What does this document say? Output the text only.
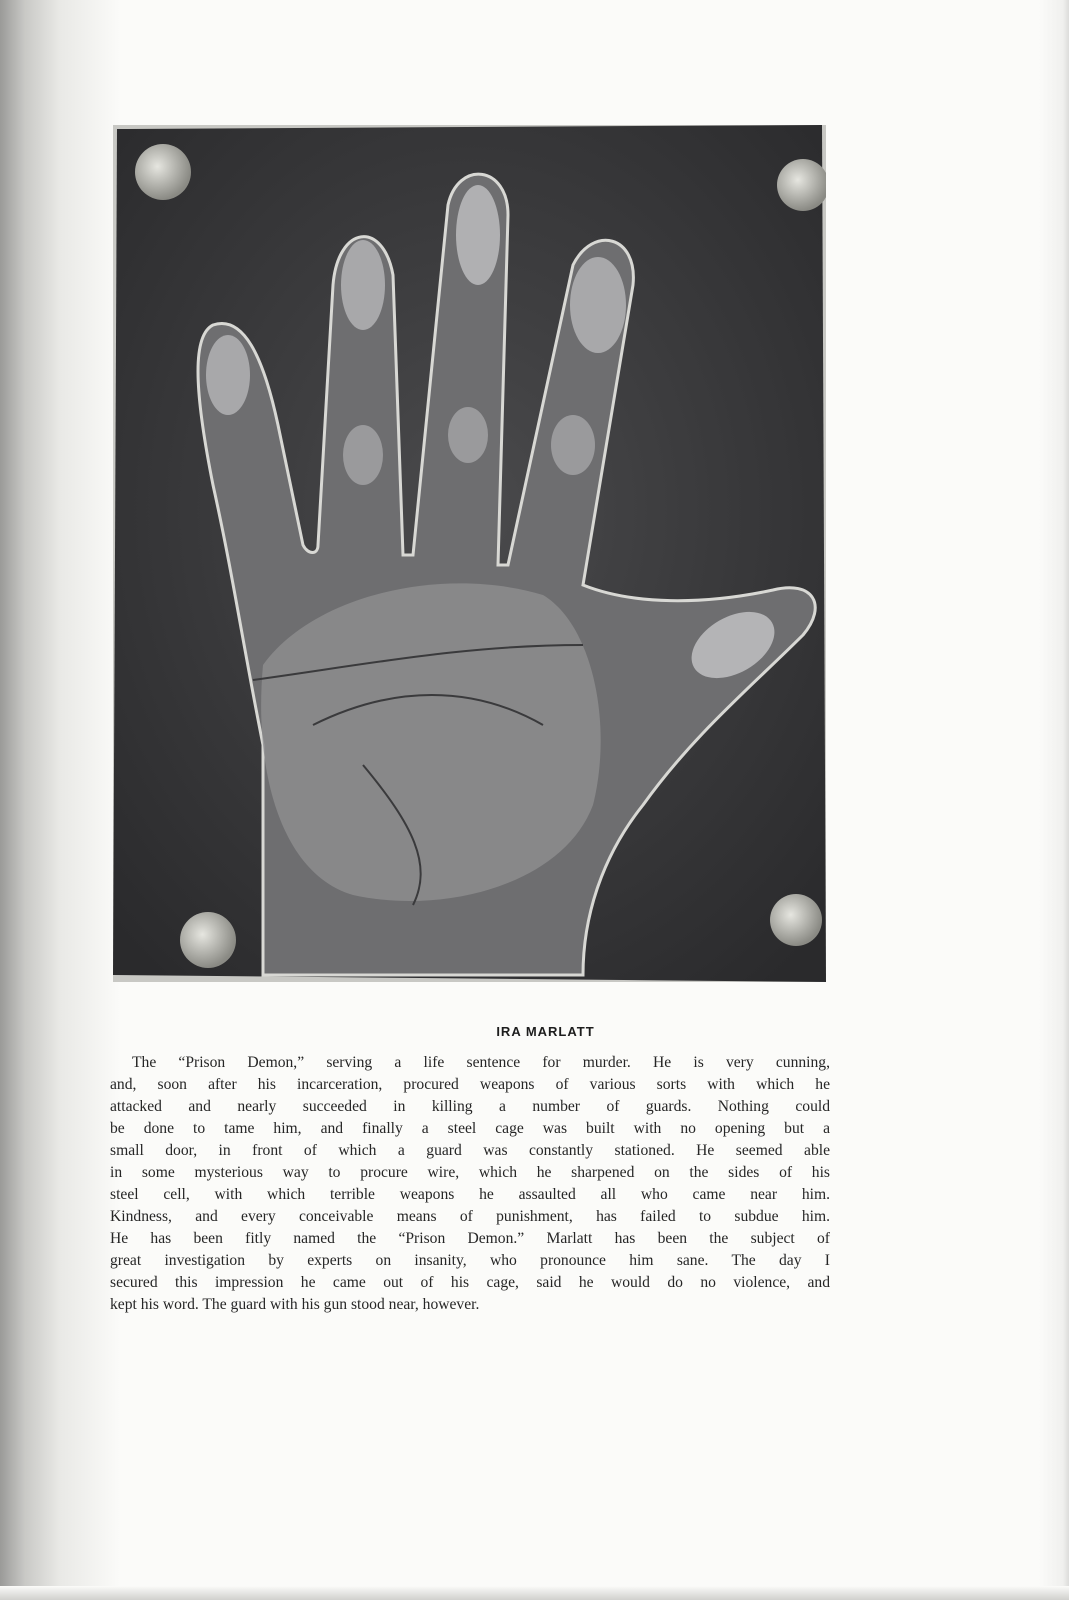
IRA MARLATT
The “Prison Demon,” serving a life sentence for murder. He is very cunning,
and, soon after his incarceration, procured weapons of various sorts with which he
attacked and nearly succeeded in killing a number of guards. Nothing could
be done to tame him, and finally a steel cage was built with no opening but a
small door, in front of which a guard was constantly stationed. He seemed able
in some mysterious way to procure wire, which he sharpened on the sides of his
steel cell, with which terrible weapons he assaulted all who came near him.
Kindness, and every conceivable means of punishment, has failed to subdue him.
He has been fitly named the “Prison Demon.” Marlatt has been the subject of
great investigation by experts on insanity, who pronounce him sane. The day I
secured this impression he came out of his cage, said he would do no violence, and
kept his word. The guard with his gun stood near, however.
